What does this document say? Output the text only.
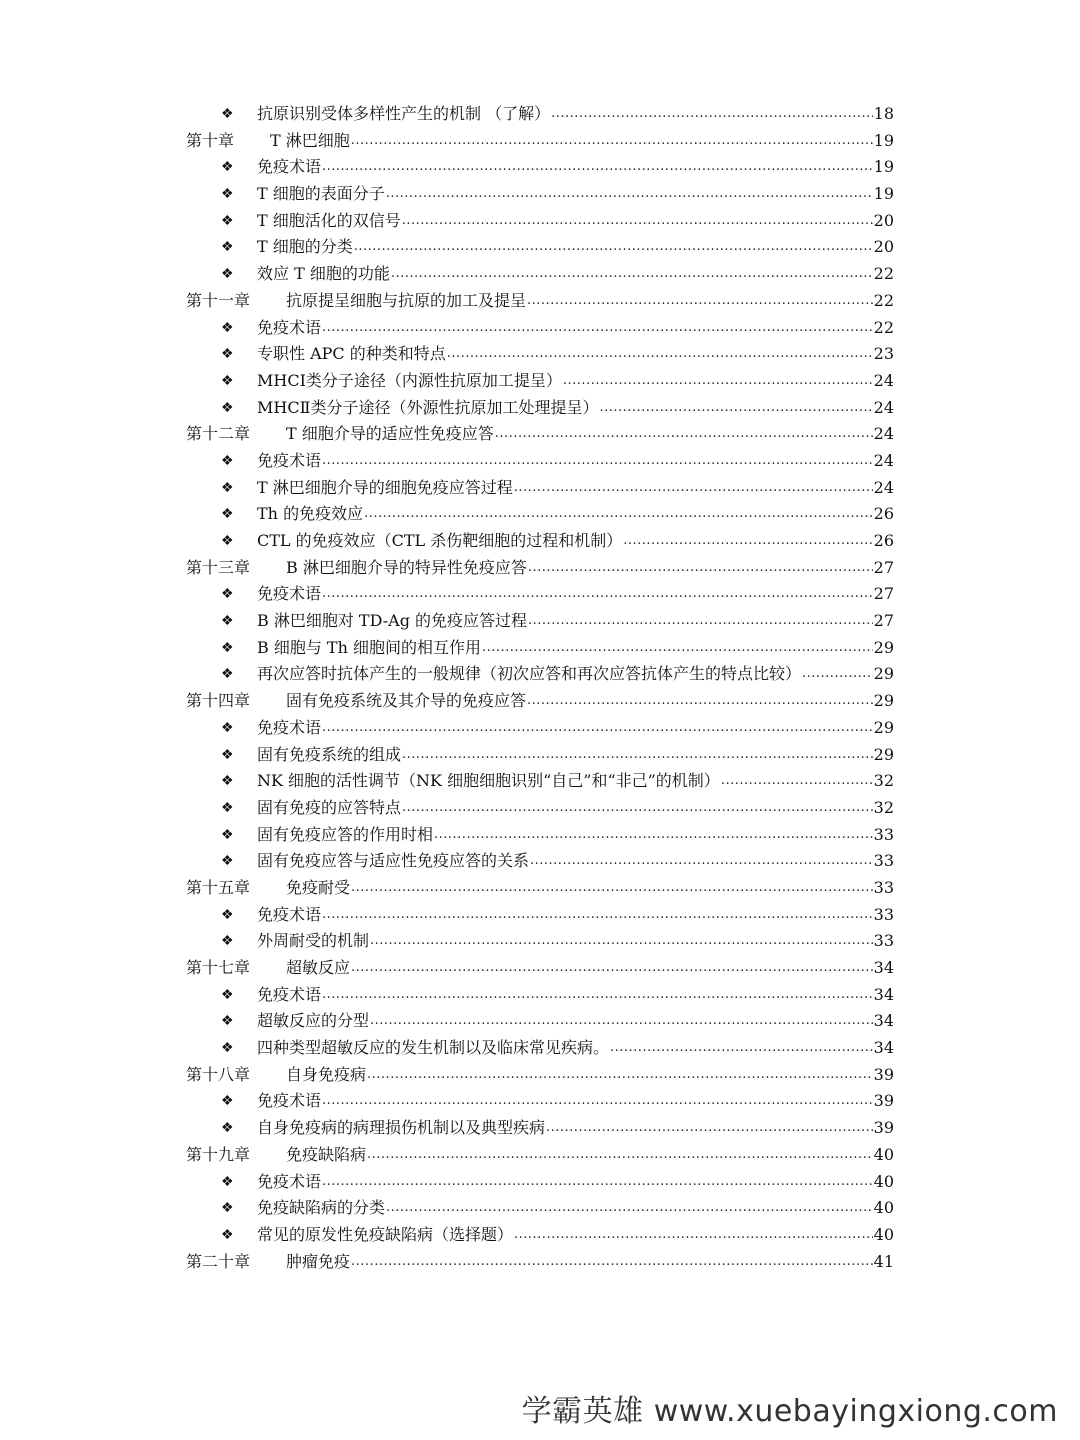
❖	抗原识别受体多样性产生的机制 （了解） .....	18
第十章 T 淋巴细胞 .....	19
❖	免疫术语 .....	19
❖	T 细胞的表面分子 .....	19
❖	T 细胞活化的双信号 .....	20
❖	T 细胞的分类 .....	20
❖	效应 T 细胞的功能 .....	22
第十一章 抗原提呈细胞与抗原的加工及提呈 .....	22
❖	免疫术语 .....	22
❖	专职性 APC 的种类和特点 .....	23
❖	MHCⅠ类分子途径（内源性抗原加工提呈） .....	24
❖	MHCⅡ类分子途径（外源性抗原加工处理提呈） .....	24
第十二章 T 细胞介导的适应性免疫应答 .....	24
❖	免疫术语 .....	24
❖	T 淋巴细胞介导的细胞免疫应答过程 .....	24
❖	Th 的免疫效应 .....	26
❖	CTL 的免疫效应（CTL 杀伤靶细胞的过程和机制） .....	26
第十三章 B 淋巴细胞介导的特异性免疫应答 .....	27
❖	免疫术语 .....	27
❖	B 淋巴细胞对 TD-Ag 的免疫应答过程 .....	27
❖	B 细胞与 Th 细胞间的相互作用 .....	29
❖	再次应答时抗体产生的一般规律（初次应答和再次应答抗体产生的特点比较） .....	29
第十四章 固有免疫系统及其介导的免疫应答 .....	29
❖	免疫术语 .....	29
❖	固有免疫系统的组成 .....	29
❖	NK 细胞的活性调节（NK 细胞细胞识别“自己”和“非己”的机制） .....	32
❖	固有免疫的应答特点 .....	32
❖	固有免疫应答的作用时相 .....	33
❖	固有免疫应答与适应性免疫应答的关系 .....	33
第十五章 免疫耐受 .....	33
❖	免疫术语 .....	33
❖	外周耐受的机制 .....	33
第十七章 超敏反应 .....	34
❖	免疫术语 .....	34
❖	超敏反应的分型 .....	34
❖	四种类型超敏反应的发生机制以及临床常见疾病。 .....	34
第十八章 自身免疫病 .....	39
❖	免疫术语 .....	39
❖	自身免疫病的病理损伤机制以及典型疾病 .....	39
第十九章 免疫缺陷病 .....	40
❖	免疫术语 .....	40
❖	免疫缺陷病的分类 .....	40
❖	常见的原发性免疫缺陷病（选择题） .....	40
第二十章 肿瘤免疫 .....	41
学霸英雄 www.xuebayingxiong.com
